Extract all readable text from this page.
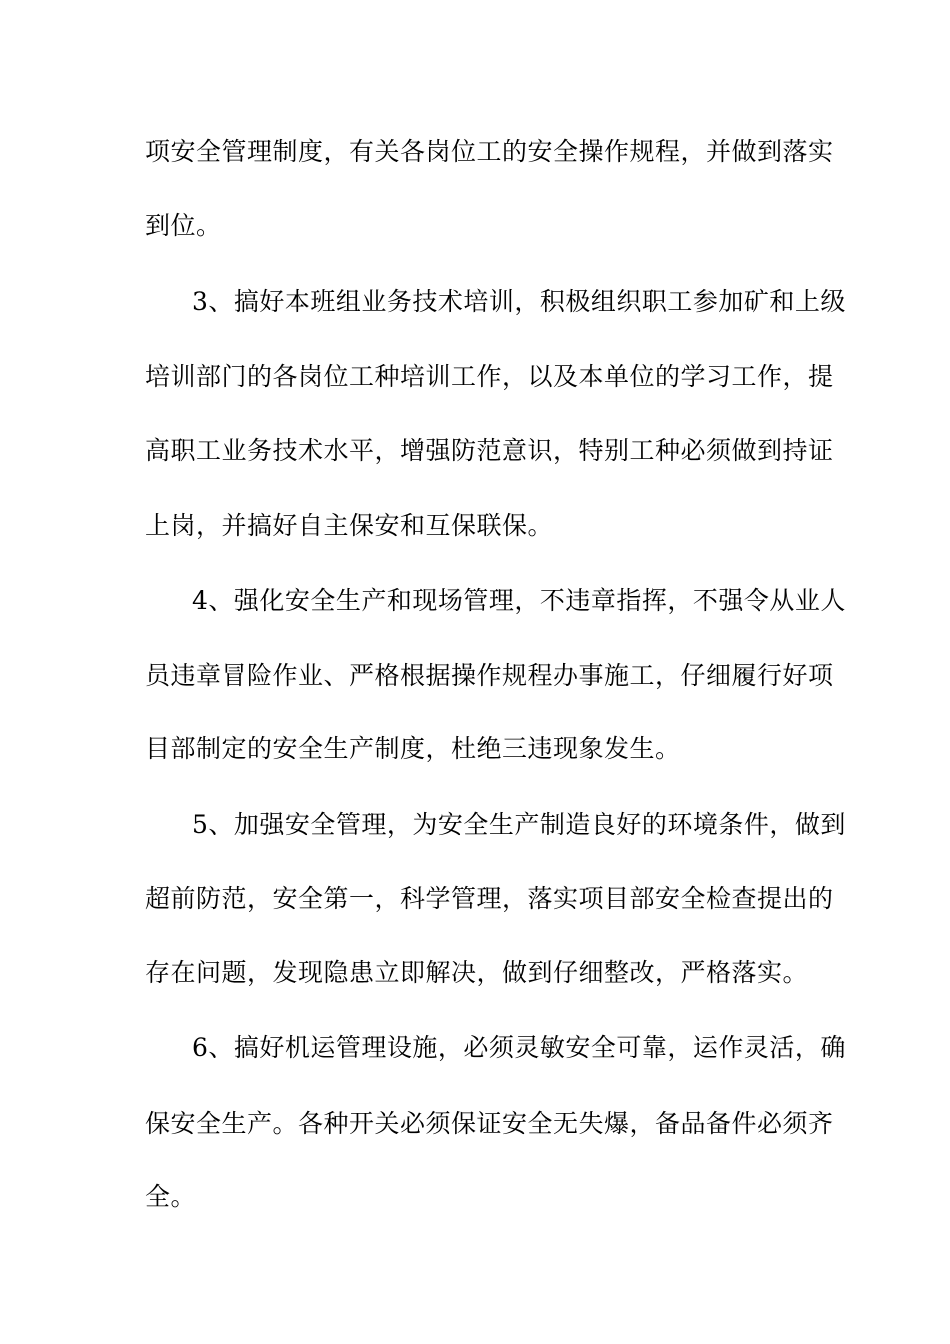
项安全管理制度，有关各岗位工的安全操作规程，并做到落实
到位。
3、搞好本班组业务技术培训，积极组织职工参加矿和上级
培训部门的各岗位工种培训工作，以及本单位的学习工作，提
高职工业务技术水平，增强防范意识，特别工种必须做到持证
上岗，并搞好自主保安和互保联保。
4、强化安全生产和现场管理，不违章指挥，不强令从业人
员违章冒险作业、严格根据操作规程办事施工，仔细履行好项
目部制定的安全生产制度，杜绝三违现象发生。
5、加强安全管理，为安全生产制造良好的环境条件，做到
超前防范，安全第一，科学管理，落实项目部安全检查提出的
存在问题，发现隐患立即解决，做到仔细整改，严格落实。
6、搞好机运管理设施，必须灵敏安全可靠，运作灵活，确
保安全生产。各种开关必须保证安全无失爆，备品备件必须齐
全。
